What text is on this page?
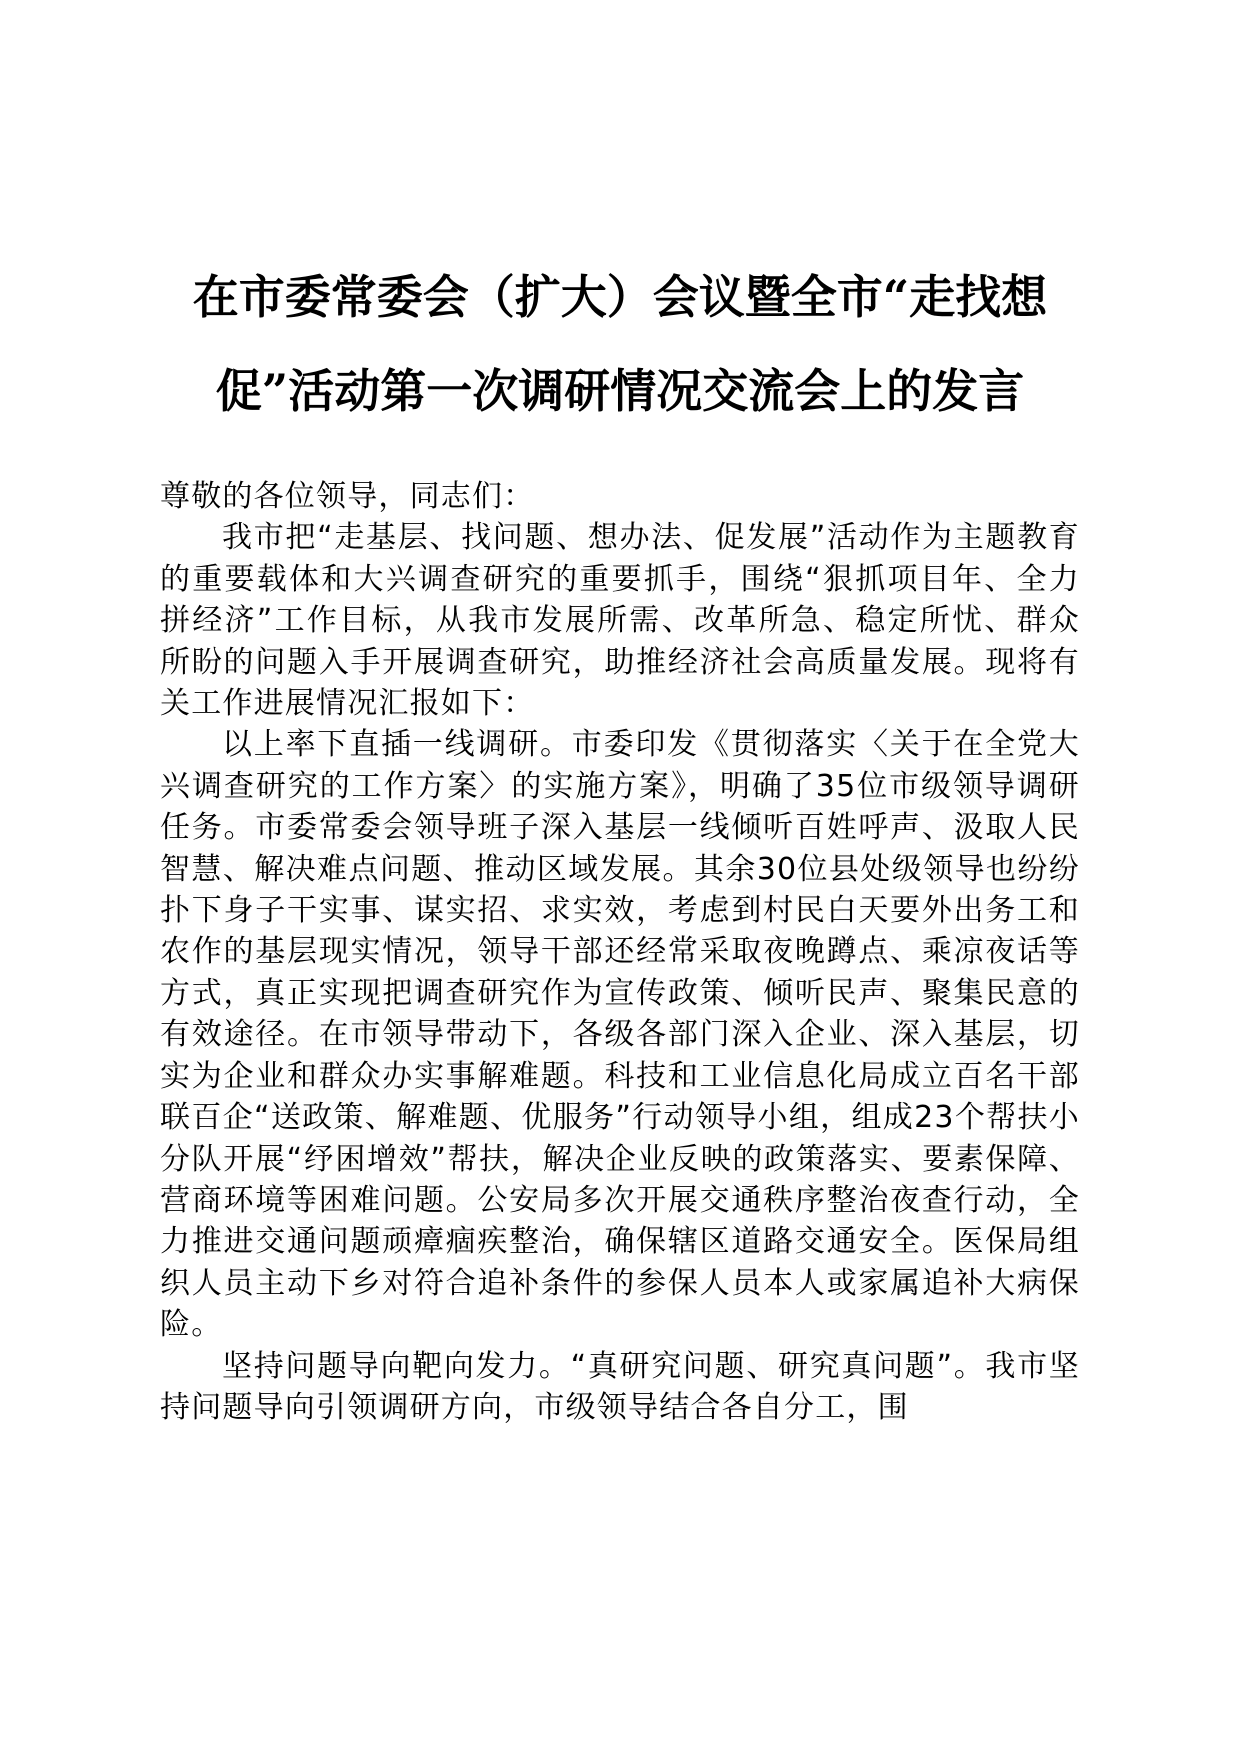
在市委常委会（扩大）会议暨全市“走找想
促”活动第一次调研情况交流会上的发言

尊敬的各位领导，同志们：

我市把“走基层、找问题、想办法、促发展”活动作为主题教育的重要载体和大兴调查研究的重要抓手，围绕“狠抓项目年、全力拼经济”工作目标，从我市发展所需、改革所急、稳定所忧、群众所盼的问题入手开展调查研究，助推经济社会高质量发展。现将有关工作进展情况汇报如下：

以上率下直插一线调研。市委印发《贯彻落实〈关于在全党大兴调查研究的工作方案〉的实施方案》，明确了35位市级领导调研任务。市委常委会领导班子深入基层一线倾听百姓呼声、汲取人民智慧、解决难点问题、推动区域发展。其余30位县处级领导也纷纷扑下身子干实事、谋实招、求实效，考虑到村民白天要外出务工和农作的基层现实情况，领导干部还经常采取夜晚蹲点、乘凉夜话等方式，真正实现把调查研究作为宣传政策、倾听民声、聚集民意的有效途径。在市领导带动下，各级各部门深入企业、深入基层，切实为企业和群众办实事解难题。科技和工业信息化局成立百名干部联百企“送政策、解难题、优服务”行动领导小组，组成23个帮扶小分队开展“纾困增效”帮扶，解决企业反映的政策落实、要素保障、营商环境等困难问题。公安局多次开展交通秩序整治夜查行动，全力推进交通问题顽瘴痼疾整治，确保辖区道路交通安全。医保局组织人员主动下乡对符合追补条件的参保人员本人或家属追补大病保险。

坚持问题导向靶向发力。“真研究问题、研究真问题”。我市坚持问题导向引领调研方向，市级领导结合各自分工，围
